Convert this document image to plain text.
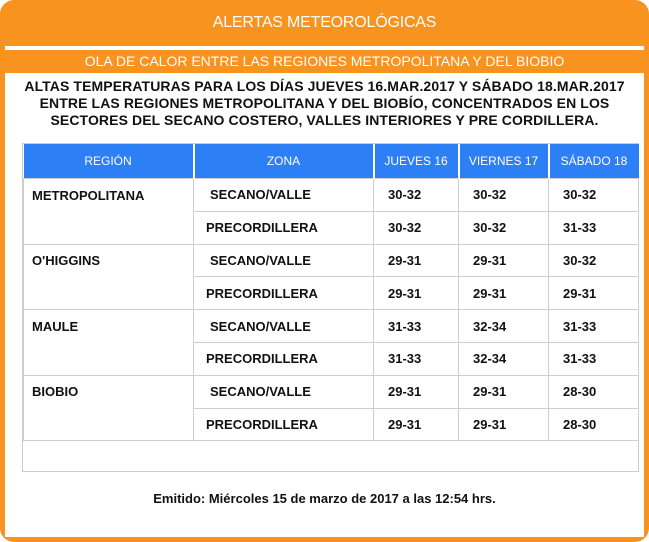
ALERTAS METEOROLÓGICAS
OLA DE CALOR ENTRE LAS REGIONES METROPOLITANA Y DEL BIOBIO
ALTAS TEMPERATURAS PARA LOS DÍAS JUEVES 16.MAR.2017 Y SÁBADO 18.MAR.2017
ENTRE LAS REGIONES METROPOLITANA Y DEL BIOBÍO, CONCENTRADOS EN LOS
SECTORES DEL SECANO COSTERO, VALLES INTERIORES Y PRE CORDILLERA.
REGIÓN	ZONA	JUEVES 16	VIERNES 17	SÁBADO 18
METROPOLITANA	SECANO/VALLE	30-32	30-32	30-32
	PRECORDILLERA	30-32	30-32	31-33
O'HIGGINS	SECANO/VALLE	29-31	29-31	30-32
	PRECORDILLERA	29-31	29-31	29-31
MAULE	SECANO/VALLE	31-33	32-34	31-33
	PRECORDILLERA	31-33	32-34	31-33
BIOBIO	SECANO/VALLE	29-31	29-31	28-30
	PRECORDILLERA	29-31	29-31	28-30
Emitido: Miércoles 15 de marzo de 2017 a las 12:54 hrs.
